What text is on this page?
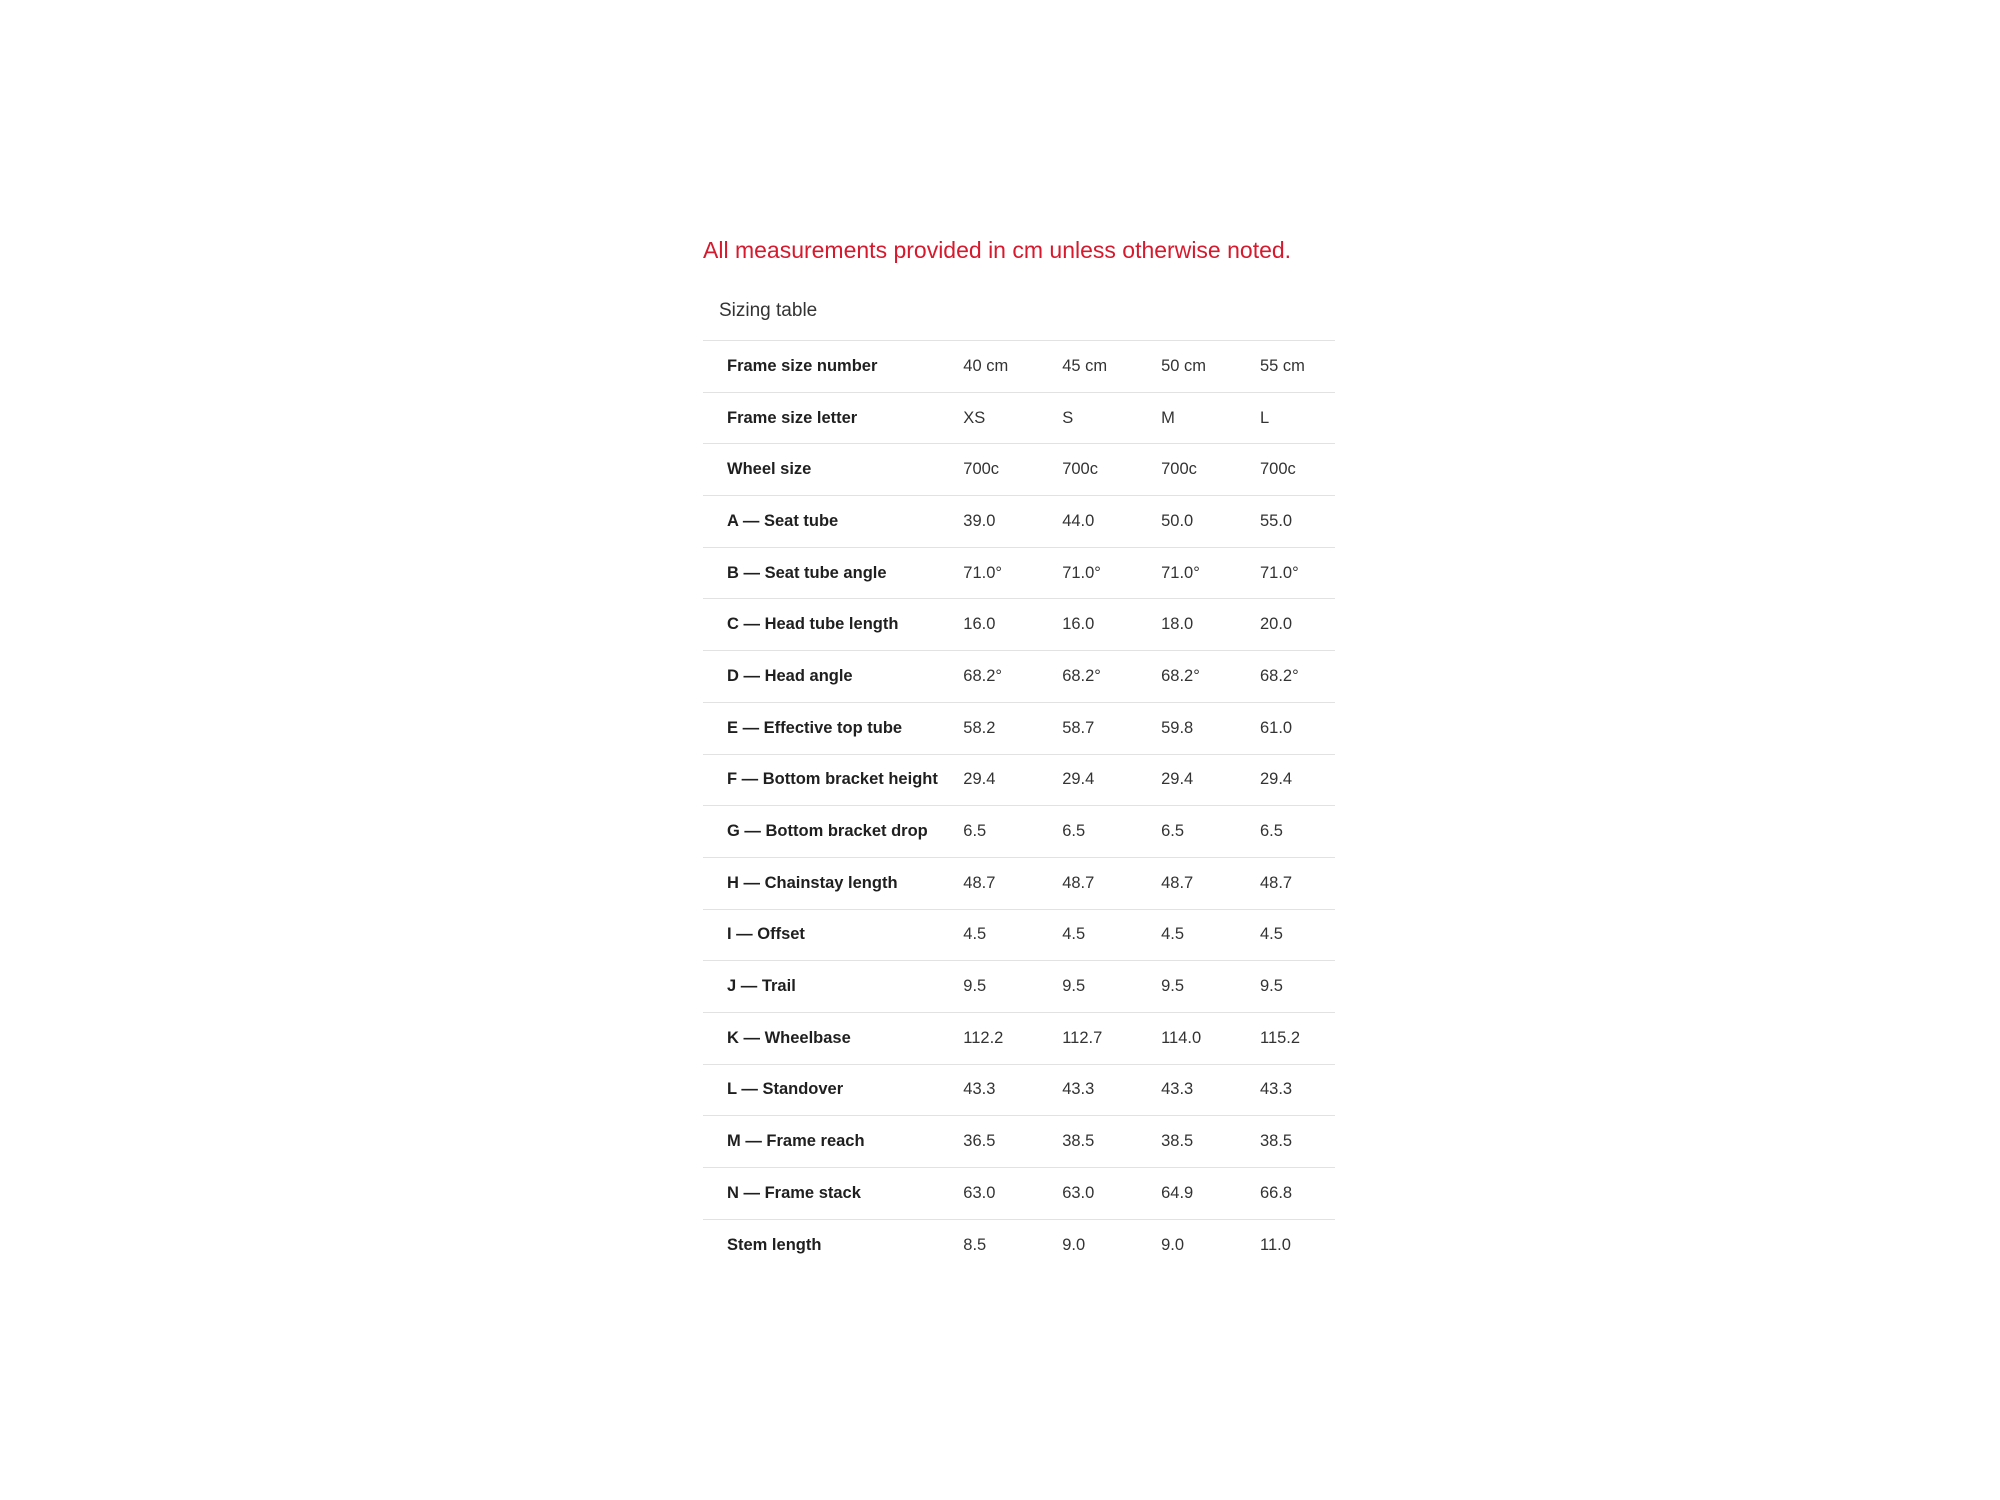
All measurements provided in cm unless otherwise noted.

Sizing table
Frame size number	40 cm	45 cm	50 cm	55 cm
Frame size letter	XS	S	M	L
Wheel size	700c	700c	700c	700c
A — Seat tube	39.0	44.0	50.0	55.0
B — Seat tube angle	71.0°	71.0°	71.0°	71.0°
C — Head tube length	16.0	16.0	18.0	20.0
D — Head angle	68.2°	68.2°	68.2°	68.2°
E — Effective top tube	58.2	58.7	59.8	61.0
F — Bottom bracket height	29.4	29.4	29.4	29.4
G — Bottom bracket drop	6.5	6.5	6.5	6.5
H — Chainstay length	48.7	48.7	48.7	48.7
I — Offset	4.5	4.5	4.5	4.5
J — Trail	9.5	9.5	9.5	9.5
K — Wheelbase	112.2	112.7	114.0	115.2
L — Standover	43.3	43.3	43.3	43.3
M — Frame reach	36.5	38.5	38.5	38.5
N — Frame stack	63.0	63.0	64.9	66.8
Stem length	8.5	9.0	9.0	11.0
